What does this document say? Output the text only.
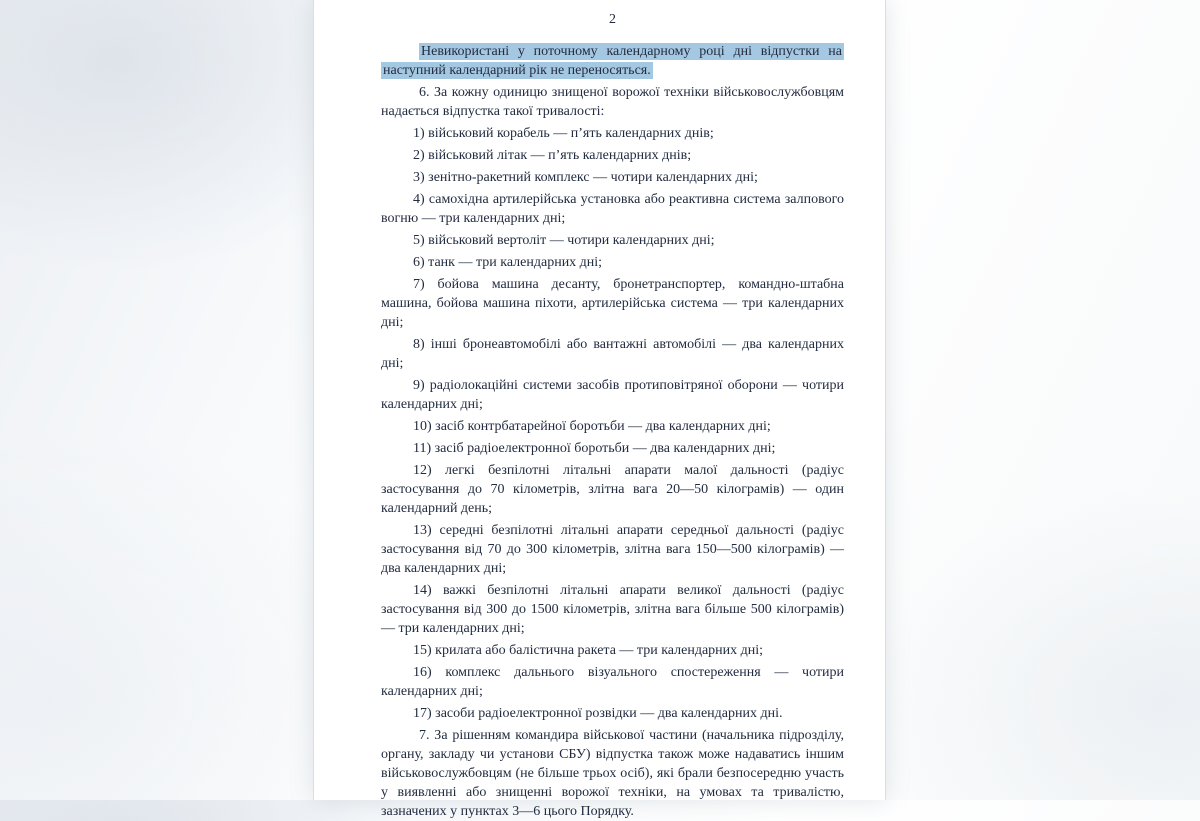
2

Невикористані у поточному календарному році дні відпустки на наступний календарний рік не переносяться.

6. За кожну одиницю знищеної ворожої техніки військовослужбовцям надається відпустка такої тривалості:

1) військовий корабель — п’ять календарних днів;

2) військовий літак — п’ять календарних днів;

3) зенітно-ракетний комплекс — чотири календарних дні;

4) самохідна артилерійська установка або реактивна система залпового вогню — три календарних дні;

5) військовий вертоліт — чотири календарних дні;

6) танк — три календарних дні;

7) бойова машина десанту, бронетранспортер, командно-штабна машина, бойова машина піхоти, артилерійська система — три календарних дні;

8) інші бронеавтомобілі або вантажні автомобілі — два календарних дні;

9) радіолокаційні системи засобів протиповітряної оборони — чотири календарних дні;

10) засіб контрбатарейної боротьби — два календарних дні;

11) засіб радіоелектронної боротьби — два календарних дні;

12) легкі безпілотні літальні апарати малої дальності (радіус застосування до 70 кілометрів, злітна вага 20—50 кілограмів) — один календарний день;

13) середні безпілотні літальні апарати середньої дальності (радіус застосування від 70 до 300 кілометрів, злітна вага 150—500 кілограмів) — два календарних дні;

14) важкі безпілотні літальні апарати великої дальності (радіус застосування від 300 до 1500 кілометрів, злітна вага більше 500 кілограмів) — три календарних дні;

15) крилата або балістична ракета — три календарних дні;

16) комплекс дальнього візуального спостереження — чотири календарних дні;

17) засоби радіоелектронної розвідки — два календарних дні.

7. За рішенням командира військової частини (начальника підрозділу, органу, закладу чи установи СБУ) відпустка також може надаватись іншим військовослужбовцям (не більше трьох осіб), які брали безпосередню участь у виявленні або знищенні ворожої техніки, на умовах та тривалістю, зазначених у пунктах 3—6 цього Порядку.
